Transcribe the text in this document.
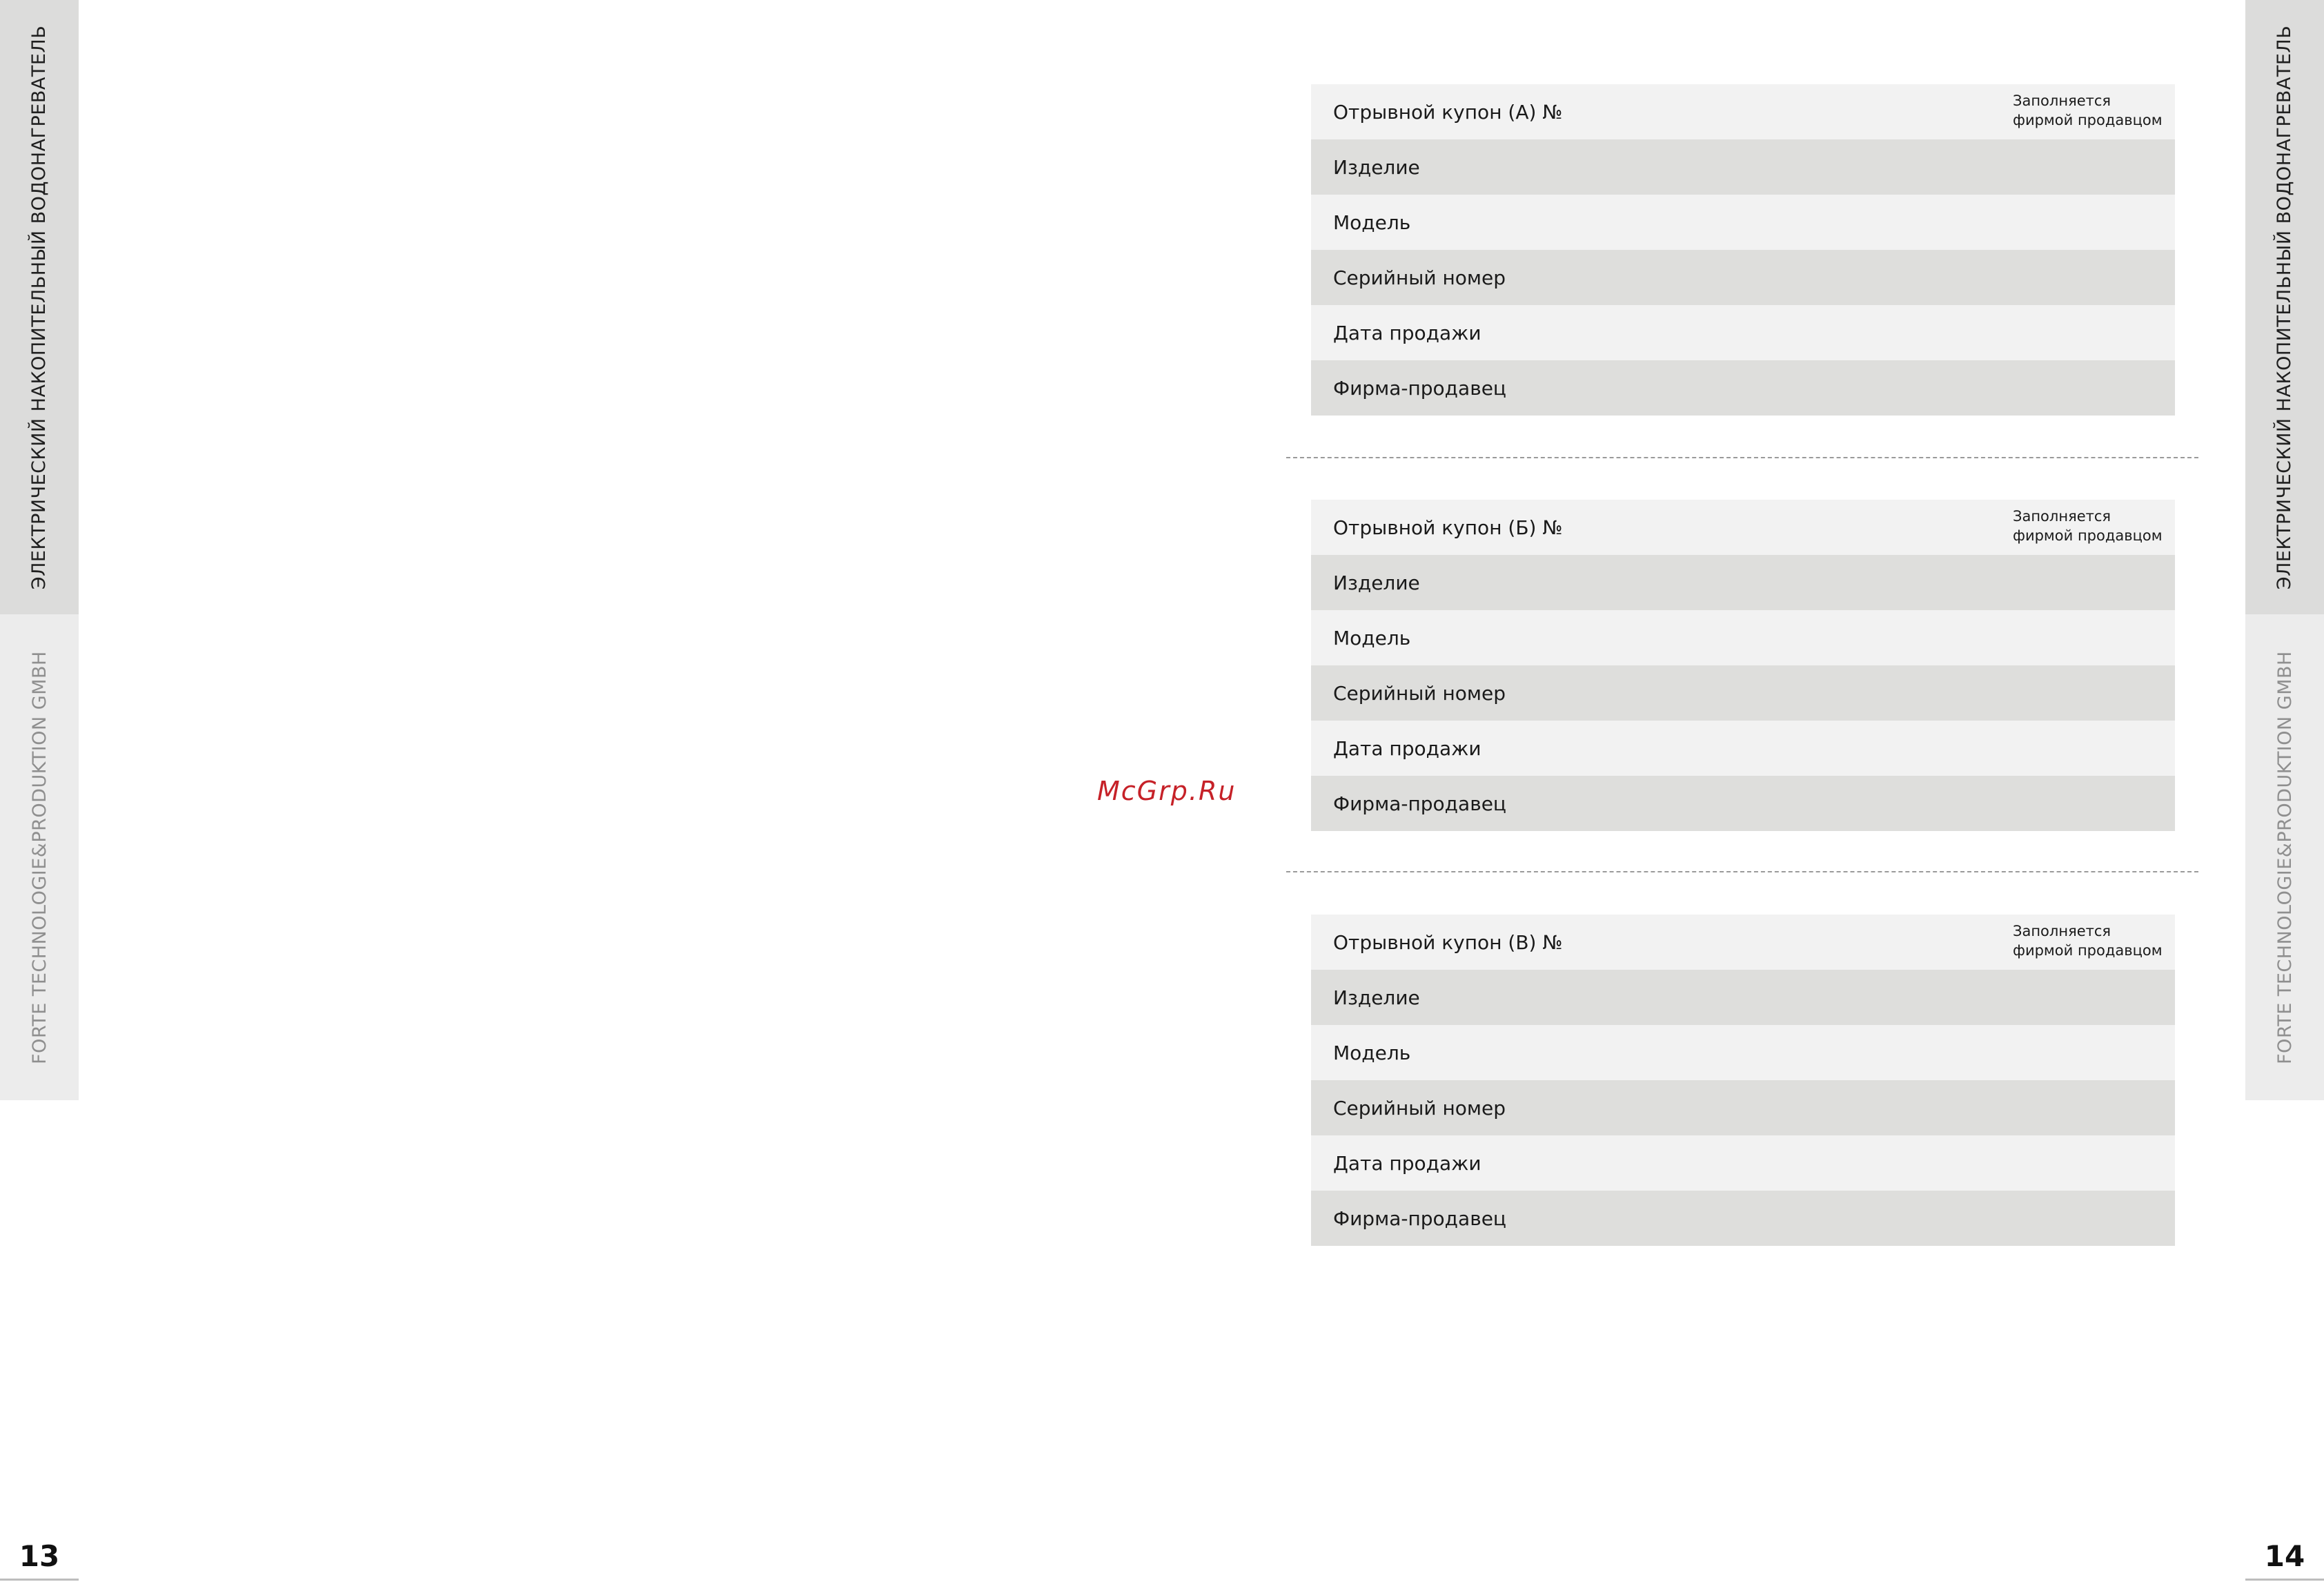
ЭЛЕКТРИЧЕСКИЙ НАКОПИТЕЛЬНЫЙ ВОДОНАГРЕВАТЕЛЬ
FORTE TECHNOLOGIE&PRODUKTION GMBH
ЭЛЕКТРИЧЕСКИЙ НАКОПИТЕЛЬНЫЙ ВОДОНАГРЕВАТЕЛЬ
FORTE TECHNOLOGIE&PRODUKTION GMBH
13	14
McGrp.Ru
Отрывной купон (А) №	Заполняется
фирмой продавцом
Изделие
Модель
Серийный номер
Дата продажи
Фирма-продавец
Отрывной купон (Б) №	Заполняется
фирмой продавцом
Изделие
Модель
Серийный номер
Дата продажи
Фирма-продавец
Отрывной купон (В) №	Заполняется
фирмой продавцом
Изделие
Модель
Серийный номер
Дата продажи
Фирма-продавец
